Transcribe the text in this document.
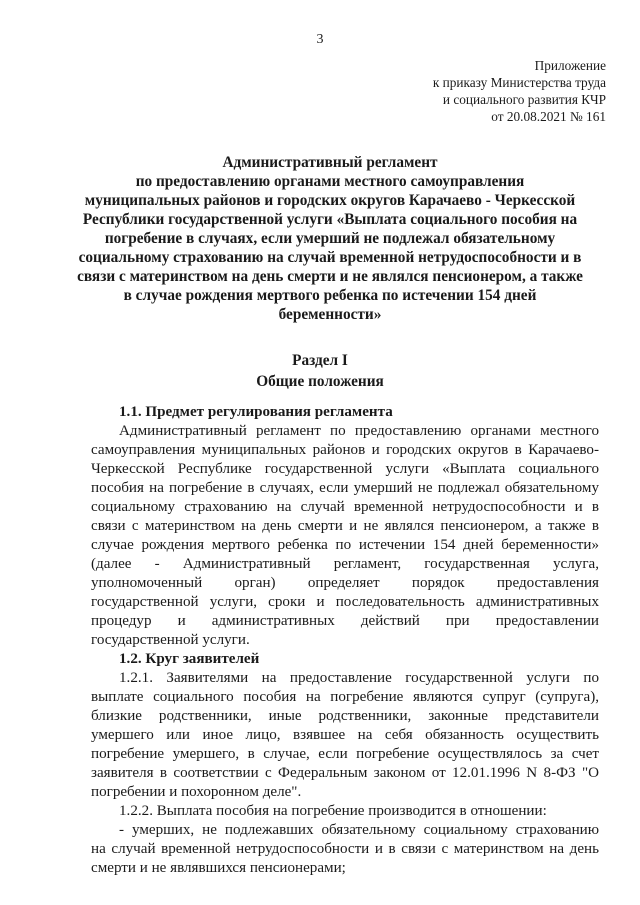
3
Приложение
к приказу Министерства труда
и социального развития КЧР
от 20.08.2021 № 161
Административный регламент
по предоставлению органами местного самоуправления
муниципальных районов и городских округов Карачаево - Черкесской
Республики государственной услуги «Выплата социального пособия на
погребение в случаях, если умерший не подлежал обязательному
социальному страхованию на случай временной нетрудоспособности и в
связи с материнством на день смерти и не являлся пенсионером, а также
в случае рождения мертвого ребенка по истечении 154 дней
беременности»
Раздел I
Общие положения
1.1. Предмет регулирования регламента
Административный регламент по предоставлению органами местного
самоуправления муниципальных районов и городских округов в Карачаево-
Черкесской Республике государственной услуги «Выплата социального
пособия на погребение в случаях, если умерший не подлежал обязательному
социальному страхованию на случай временной нетрудоспособности и в
связи с материнством на день смерти и не являлся пенсионером, а также в
случае рождения мертвого ребенка по истечении 154 дней беременности»
(далее - Административный регламент, государственная услуга,
уполномоченный орган) определяет порядок предоставления
государственной услуги, сроки и последовательность административных
процедур и административных действий при предоставлении
государственной услуги.
1.2. Круг заявителей
1.2.1. Заявителями на предоставление государственной услуги по
выплате социального пособия на погребение являются супруг (супруга),
близкие родственники, иные родственники, законные представители
умершего или иное лицо, взявшее на себя обязанность осуществить
погребение умершего, в случае, если погребение осуществлялось за счет
заявителя в соответствии с Федеральным законом от 12.01.1996 N 8-ФЗ "О
погребении и похоронном деле".
1.2.2. Выплата пособия на погребение производится в отношении:
- умерших, не подлежавших обязательному социальному страхованию
на случай временной нетрудоспособности и в связи с материнством на день
смерти и не являвшихся пенсионерами;
